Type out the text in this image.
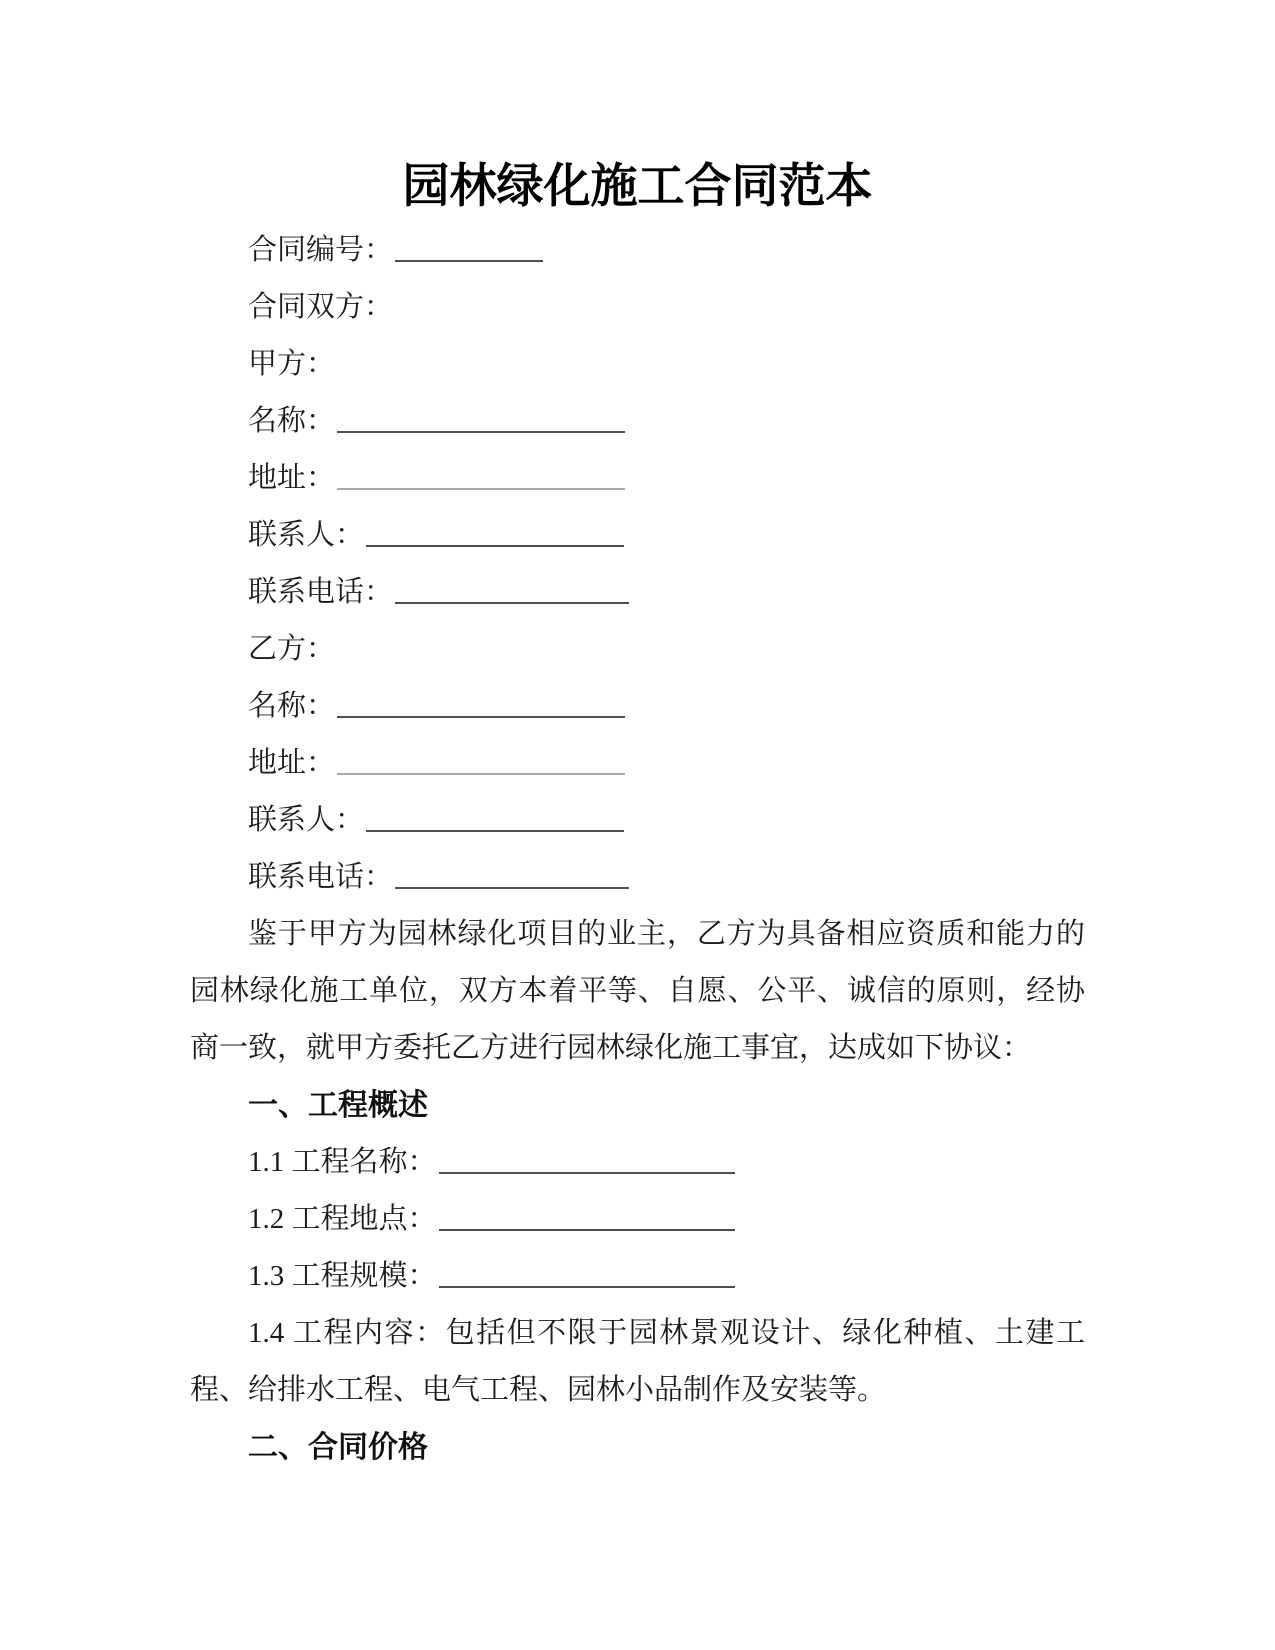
园林绿化施工合同范本

合同编号：

合同双方：

甲方：

名称：

地址：

联系人：

联系电话：

乙方：

名称：

地址：

联系人：

联系电话：

鉴于甲方为园林绿化项目的业主，乙方为具备相应资质和能力的

园林绿化施工单位，双方本着平等、自愿、公平、诚信的原则，经协

商一致，就甲方委托乙方进行园林绿化施工事宜，达成如下协议：

一、工程概述

1.1 工程名称：

1.2 工程地点：

1.3 工程规模：

1.4 工程内容：包括但不限于园林景观设计、绿化种植、土建工

程、给排水工程、电气工程、园林小品制作及安装等。

二、合同价格
